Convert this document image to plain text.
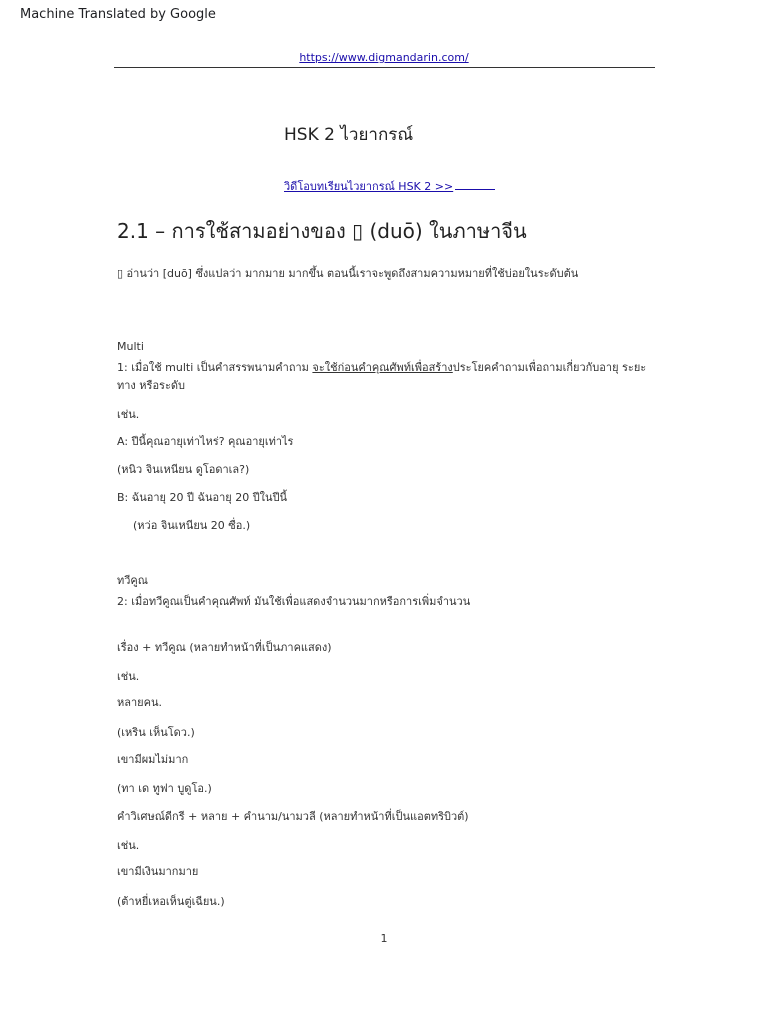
Machine Translated by Google
https://www.digmandarin.com/
HSK 2 ไวยากรณ์
วิดีโอบทเรียนไวยากรณ์ HSK 2 >>
2.1 – การใช้สามอย่างของ ▯ (duō) ในภาษาจีน
▯ อ่านว่า [duō] ซึ่งแปลว่า มากมาย มากขึ้น ตอนนี้เราจะพูดถึงสามความหมายที่ใช้บ่อยในระดับต้น
Multi
1: เมื่อใช้ multi เป็นคำสรรพนามคำถาม จะใช้ก่อนคำคุณศัพท์เพื่อสร้างประโยคคำถามเพื่อถามเกี่ยวกับอายุ ระยะทาง หรือระดับ
เช่น.
A: ปีนี้คุณอายุเท่าไหร่? คุณอายุเท่าไร
(หนิว จินเหนียน ดูโอดาเล?)
B: ฉันอายุ 20 ปี ฉันอายุ 20 ปีในปีนี้
(หว่อ จินเหนียน 20 ซื่อ.)
ทวีคูณ
2: เมื่อทวีคูณเป็นคำคุณศัพท์ มันใช้เพื่อแสดงจำนวนมากหรือการเพิ่มจำนวน
เรื่อง + ทวีคูณ (หลายทำหน้าที่เป็นภาคแสดง)
เช่น.
หลายคน.
(เหริน เห็นโดว.)
เขามีผมไม่มาก
(ทา เด ทูฟา บูดูโอ.)
คำวิเศษณ์ดีกรี + หลาย + คำนาม/นามวลี (หลายทำหน้าที่เป็นแอตทริบิวต์)
เช่น.
เขามีเงินมากมาย
(ต้าหยี่เหอเห็นตู่เฉียน.)
1
